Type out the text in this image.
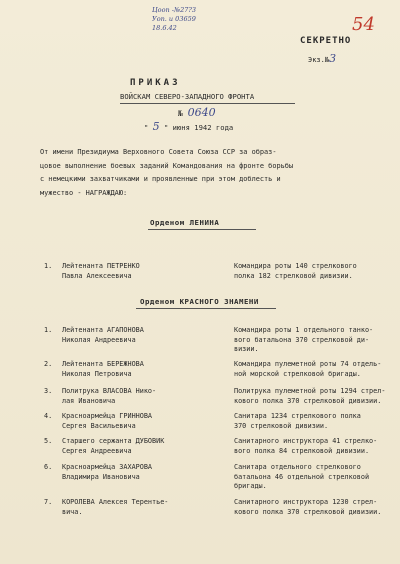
Цооп -№27?3
Уоп. и 03659
18.6.42	54
СЕКРЕТНО
Экз.№3
ПРИКАЗ
ВОЙСКАМ СЕВЕРО-ЗАПАДНОГО ФРОНТА
№ 0640
" 5 " июня 1942 года
От имени Президиума Верховного Совета Союза ССР за образ-
цовое выполнение боевых заданий Командования на фронте борьбы
с немецкими захватчиками и проявленные при этом доблесть и
мужество - НАГРАЖДАЮ:
Орденом ЛЕНИНА
1. Лейтенанта ПЕТРЕНКО
Павла Алексеевича
Командира роты 140 стрелкового
полка 182 стрелковой дивизии.
Орденом КРАСНОГО ЗНАМЕНИ
1. Лейтенанта АГАПОНОВА
Николая Андреевича
Командира роты 1 отдельного танко-
вого батальона 370 стрелковой ди-
визии.
2. Лейтенанта БЕРЕЖНОВА
Николая Петровича
Командира пулеметной роты 74 отдель-
ной морской стрелковой бригады.
3. Политрука ВЛАСОВА Нико-
лая Ивановича
Политрука пулеметной роты 1294 стрел-
кового полка 370 стрелковой дивизии.
4. Красноармейца ГРИННОВА
Сергея Васильевича
Санитара 1234 стрелкового полка
370 стрелковой дивизии.
5. Старшего сержанта ДУБОВИК
Сергея Андреевича
Санитарного инструктора 41 стрелко-
вого полка 84 стрелковой дивизии.
6. Красноармейца ЗАХАРОВА
Владимира Ивановича
Санитара отдельного стрелкового
батальона 46 отдельной стрелковой
бригады.
7. КОРОЛЕВА Алексея Терентье-
вича.
Санитарного инструктора 1230 стрел-
кового полка 370 стрелковой дивизии.
